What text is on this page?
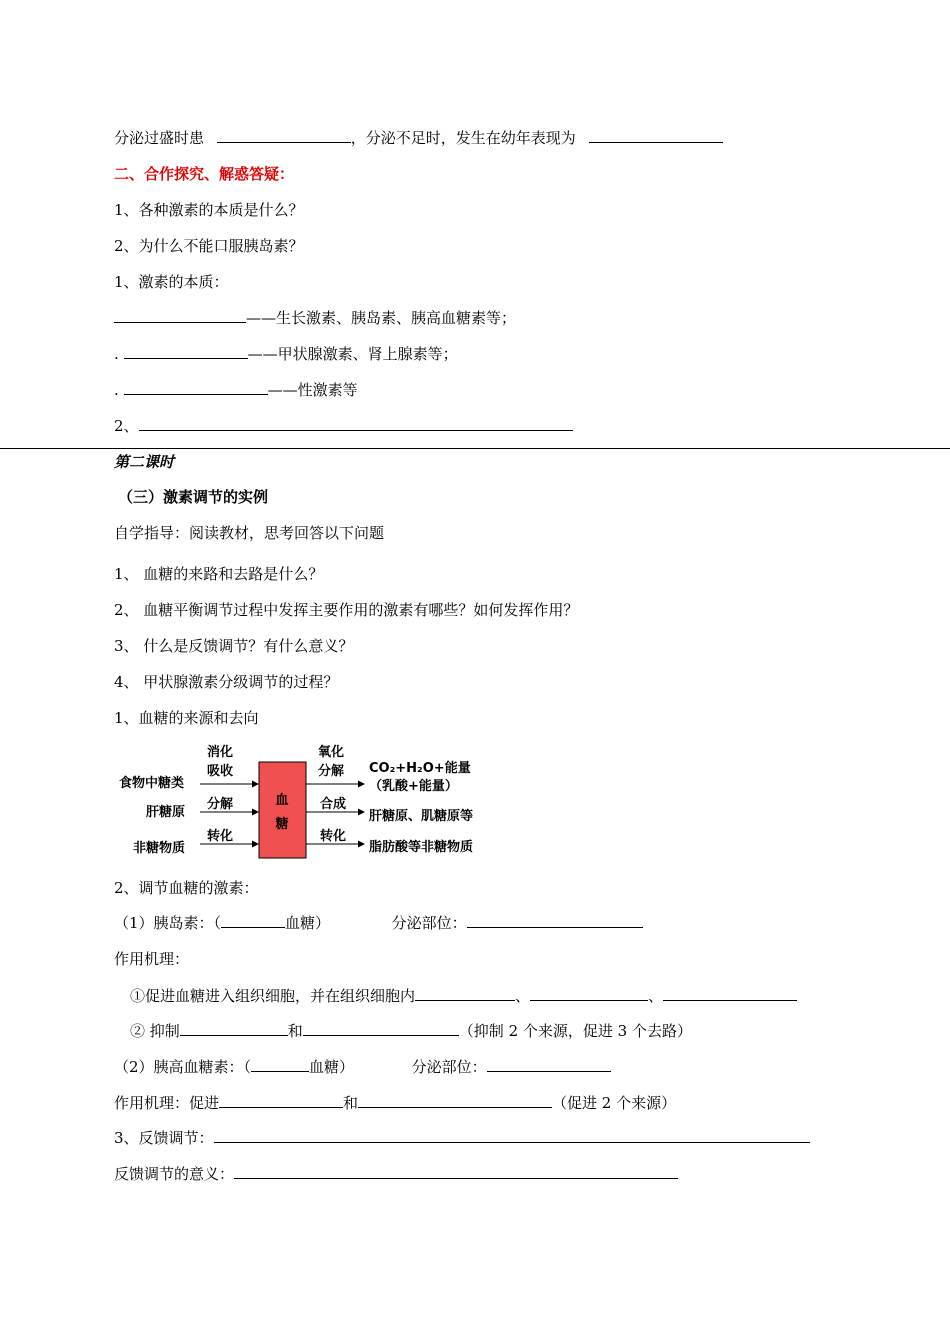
分泌过盛时患	，分泌不足时，发生在幼年表现为
二、合作探究、解惑答疑：
1、各种激素的本质是什么？
2、为什么不能口服胰岛素？
1、激素的本质：
——生长激素、胰岛素、胰高血糖素等；
.	——甲状腺激素、肾上腺素等；
.	——性激素等
2、
第二课时
（三）激素调节的实例
自学指导：阅读教材，思考回答以下问题
1、 血糖的来路和去路是什么？
2、 血糖平衡调节过程中发挥主要作用的激素有哪些？如何发挥作用？
3、 什么是反馈调节？有什么意义？
4、 甲状腺激素分级调节的过程？
1、血糖的来源和去向
血
糖
食物中糖类
肝糖原
非糖物质
消化
吸收
分解
转化
氧化
分解
合成
转化
CO₂+H₂O+能量
（乳酸+能量）
肝糖原、肌糖原等
脂肪酸等非糖物质
2、调节血糖的激素：
（1）胰岛素：（	血糖）	分泌部位：
作用机理：
①促进血糖进入组织细胞，并在组织细胞内	、	、
② 抑制	和	（抑制 2 个来源，促进 3 个去路）
（2）胰高血糖素：（	血糖）	分泌部位：
作用机理：促进	和	（促进 2 个来源）
3、反馈调节：
反馈调节的意义：
